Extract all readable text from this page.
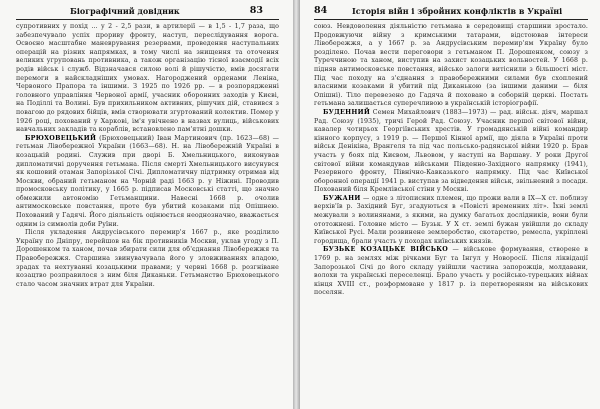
Біографічний довідник	83

супротивних у похід ... у 2 - 2,5 рази, в артилерії — в 1,5 - 1,7 раза, що забезпечувало успіх прориву фронту, наступ, переслідування ворога. Освоєно масштабне маневрування резервами, проведення наступальних операцій на різних напрямках, в тому числі на знищення та оточення великих угруповань противника, а також організацію тісної взаємодії всіх родів військ і служб. Відзначався силою волі й рішучістю, вмів досягати перемоги в найскладніших умовах. Нагороджений орденами Леніна, Червоного Прапора та іншими. З 1925 по 1926 рр. — в розпорядженні головного управління Червоної армії, учасник оборонних заходів у Києві, на Поділлі та Волині. Був прихильником активних, рішучих дій, ставився з повагою до рядових бійців, вмів створювати згуртований колектив. Помер у 1926 році, похований у Харкові, ім'я увічнено в назвах вулиць, військових навчальних закладів та кораблів, встановлено пам'ятні дошки.

БРЮХОВЕЦЬКИЙ (Брюховецький) Іван Мартинович (пр. 1623—68) — гетьман Лівобережної України (1663—68). Н. на Лівобережній Україні в козацькій родині. Служив при дворі Б. Хмельницького, виконував дипломатичні доручення гетьмана. Після смерті Хмельницького висунувся як кошовий отаман Запорізької Січі. Дипломатичну підтримку отримав від Москви, обраний гетьманом на Чорній раді 1663 р. у Ніжині. Проводив промосковську політику, у 1665 р. підписав Московські статті, що значно обмежили автономію Гетьманщини. Навесні 1668 р. очолив антимосковське повстання, проте був убитий козаками під Опішнею. Похований у Гадячі. Його діяльність оцінюється неоднозначно, вважається одним із символів доби Руїни.

Після укладення Андрусівського перемир'я 1667 р., яке розділило Україну по Дніпру, перейшов на бік противників Москви, уклав угоду з П. Дорошенком та ханом, почав збирати сили для об'єднання Лівобережжя та Правобережжя. Старшина звинувачувала його у зловживаннях владою, зрадах та нехтуванні козацькими правами; у червні 1668 р. розгніване козацтво розправилося з ним біля Диканьки. Гетьманство Брюховецького стало часом значних втрат для України.

84	Історія війн і збройних конфліктів в Україні

союз. Невдоволення діяльністю гетьмана в середовищі старшини зростало. Продовжуючи війну з кримськими татарами, відстоював інтереси Лівобережжя, а у 1667 р. за Андрусівським перемир'ям Україну було розділено. Почав вести переговори з гетьманом П. Дорошенком, союзу з Туреччиною та ханом, виступив на захист козацьких вольностей. У 1668 р. підняв антимосковське повстання, військо залоги витіснили з більшості міст. Під час походу на з'єднання з правобережними силами був схоплений власними козаками й убитий під Диканькою (за іншими даними — біля Опішні). Тіло перевезено до Гадяча й поховано в соборній церкві. Постать гетьмана залишається суперечливою в українській історіографії.

БУДЕННИЙ Семен Михайлович (1883—1973) — рад. військ. діяч, маршал Рад. Союзу (1935), тричі Герой Рад. Союзу. Учасник першої світової війни, кавалер чотирьох Георгіївських хрестів. У громадянській війні командир кінного корпусу, з 1919 р. — Першої Кінної армії, що діяла в Україні проти військ Денікіна, Врангеля та під час польсько-радянської війни 1920 р. Брав участь у боях під Києвом, Львовом, у наступі на Варшаву. У роки Другої світової війни командував військами Південно-Західного напрямку (1941), Резервного фронту, Північно-Кавказького напрямку. Під час Київської оборонної операції 1941 р. виступав за відведення військ, звільнений з посади. Похований біля Кремлівської стіни у Москві.

БУЖАНИ — одне з літописних племен, що прожи вали в IX—X ст. поблизу верхів'їв р. Західний Буг, згадуються в «Повісті временних літ». Їхні землі межували з волинянами, з якими, на думку багатьох дослідників, вони були ототожнені. Головне місто — Бузьк. У X ст. землі бужан увійшли до складу Київської Русі. Мали розвинене землеробство, скотарство, ремесла, укріплені городища, брали участь у походах київських князів.

БУЗЬКЕ КОЗАЦЬКЕ ВІЙСЬКО — військове формування, створене в 1769 р. на землях між річками Буг та Інгул у Новоросії. Після ліквідації Запорозької Січі до його складу увійшли частина запорожців, молдавани, волохи та українські переселенці. Брало участь у російсько-турецьких війнах кінця XVIII ст., розформоване у 1817 р. із перетворенням на військових поселян.
